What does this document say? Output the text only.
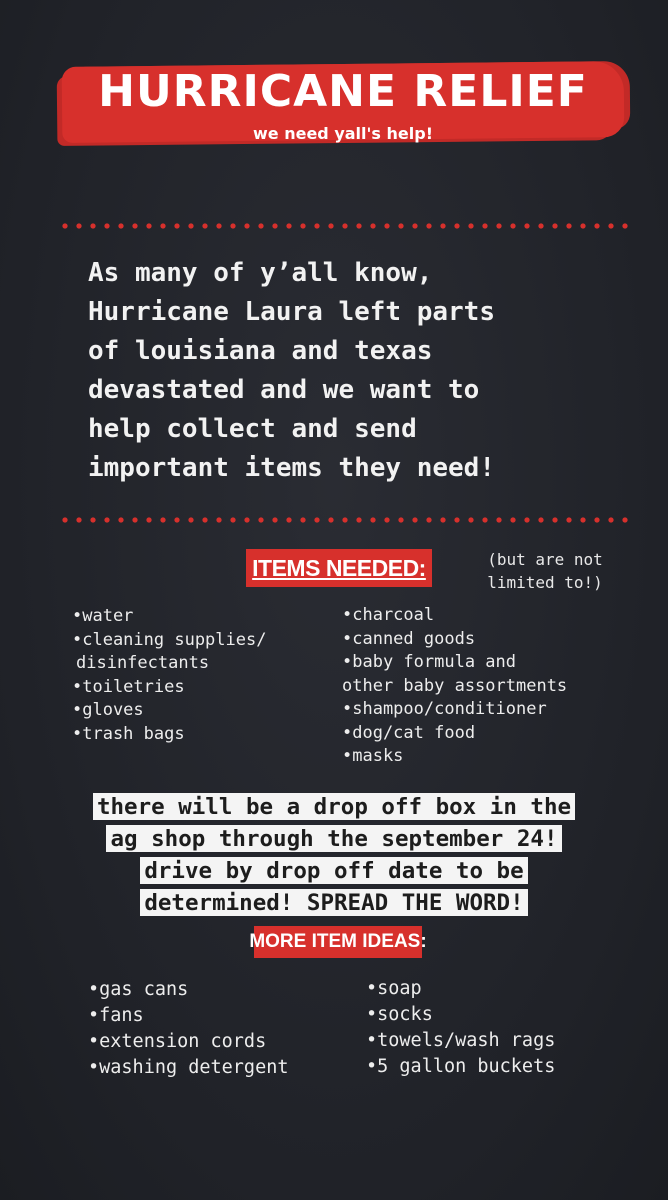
HURRICANE RELIEF
we need yall's help!
As many of y’all know,
Hurricane Laura left parts
of louisiana and texas
devastated and we want to
help collect and send
important items they need!
ITEMS NEEDED:	(but are not
limited to!)
•water
•cleaning supplies/
disinfectants
•toiletries
•gloves
•trash bags
•charcoal
•canned goods
•baby formula and
other baby assortments
•shampoo/conditioner
•dog/cat food
•masks
there will be a drop off box in the
ag shop through the september 24!
drive by drop off date to be
determined! SPREAD THE WORD!
MORE ITEM IDEAS:
•gas cans
•fans
•extension cords
•washing detergent
•soap
•socks
•towels/wash rags
•5 gallon buckets
